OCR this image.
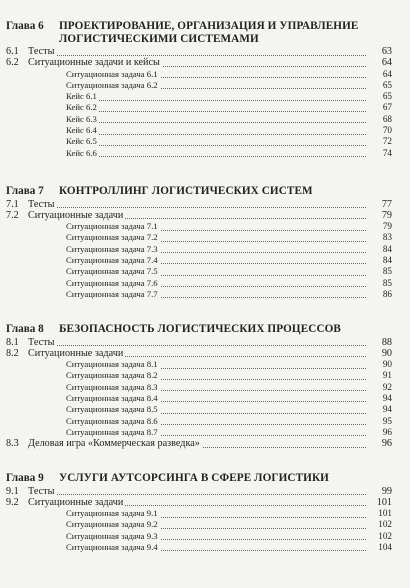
Глава 6 ПРОЕКТИРОВАНИЕ, ОРГАНИЗАЦИЯ И УПРАВЛЕНИЕ ЛОГИСТИЧЕСКИМИ СИСТЕМАМИ
6.1 Тесты	63
6.2 Ситуационные задачи и кейсы	64
Ситуационная задача 6.1	64
Ситуационная задача 6.2	65
Кейс 6.1	65
Кейс 6.2	67
Кейс 6.3	68
Кейс 6.4	70
Кейс 6.5	72
Кейс 6.6	74
Глава 7 КОНТРОЛЛИНГ ЛОГИСТИЧЕСКИХ СИСТЕМ
7.1 Тесты	77
7.2 Ситуационные задачи	79
Ситуационная задача 7.1	79
Ситуационная задача 7.2	83
Ситуационная задача 7.3	84
Ситуационная задача 7.4	84
Ситуационная задача 7.5	85
Ситуационная задача 7.6	85
Ситуационная задача 7.7	86
Глава 8 БЕЗОПАСНОСТЬ ЛОГИСТИЧЕСКИХ ПРОЦЕССОВ
8.1 Тесты	88
8.2 Ситуационные задачи	90
Ситуационная задача 8.1	90
Ситуационная задача 8.2	91
Ситуационная задача 8.3	92
Ситуационная задача 8.4	94
Ситуационная задача 8.5	94
Ситуационная задача 8.6	95
Ситуационная задача 8.7	96
8.3 Деловая игра «Коммерческая разведка»	96
Глава 9 УСЛУГИ АУТСОРСИНГА В СФЕРЕ ЛОГИСТИКИ
9.1 Тесты	99
9.2 Ситуационные задачи	101
Ситуационная задача 9.1	101
Ситуационная задача 9.2	102
Ситуационная задача 9.3	102
Ситуационная задача 9.4	104
